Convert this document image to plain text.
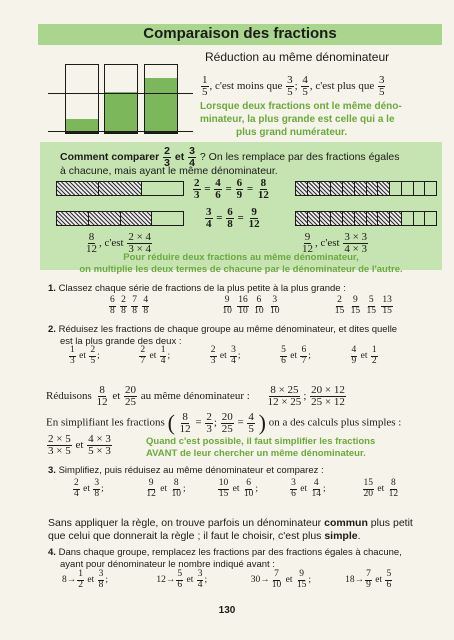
Comparaison des fractions
Réduction au même dénominateur
$\frac{1}{5}$ , c'est moins que $\frac{3}{5}$ ; $\frac{4}{5}$ , c'est plus que $\frac{3}{5}$
Lorsque deux fractions ont le même déno-
minateur, la plus grande est celle qui a le
plus grand numérateur.
Comment comparer $\frac{2}{3}$ et $\frac{3}{4}$ ? On les remplace par des fractions égales
à chacune, mais ayant le même dénominateur.
$\frac{2}{3} = \frac{4}{6} = \frac{6}{9} = \frac{8}{12}$
$\frac{3}{4} = \frac{6}{8} = \frac{9}{12}$
$\frac{8}{12}$ , $c'est \frac{2 \times 4}{3 \times 4}$	$\frac{9}{12}$ , $c'est \frac{3 \times 3}{4 \times 3}$
Pour réduire deux fractions au même dénominateur,
on multiplie les deux termes de chacune par le dénominateur de l'autre.
1. Classez chaque série de fractions de la plus petite à la plus grande :
$\frac{6}{8}$
$\frac{2}{8}$
$\frac{7}{8}$
$\frac{4}{8}$
	$\frac{9}{10}$
$\frac{16}{10}$
$\frac{6}{10}$
$\frac{3}{10}$
	$\frac{2}{15}$
$\frac{9}{15}$
$\frac{5}{15}$
$\frac{13}{15}$
2. Réduisez les fractions de chaque groupe au même dénominateur, et dites quelle
est la plus grande des deux :
$\frac{1}{3}$ et $\frac{2}{5}$ ;	$\frac{2}{7}$ et $\frac{1}{4}$ ;	$\frac{2}{3}$ et $\frac{3}{4}$ ;	$\frac{5}{6}$ et $\frac{6}{7}$ ;	$\frac{4}{9}$ et $\frac{1}{2}$
Réduisons $\frac{8}{12}$ et $\frac{20}{25}$ au même dénominateur : $\frac{8 \times 25}{12 \times 25}$ ; $\frac{20 \times 12}{25 \times 12}$
En simplifiant les fractions ( $\frac{8}{12} = \frac{2}{3}$ ; $\frac{20}{25} = \frac{4}{5}$ ) on a des calculs plus simples :
$\frac{2 \times 5}{3 \times 5}$ et $\frac{4 \times 3}{5 \times 3}$	Quand c'est possible, il faut simplifier les fractions
AVANT de leur chercher un même dénominateur.
3. Simplifiez, puis réduisez au même dénominateur et comparez :
$\frac{2}{4}$ et $\frac{3}{8}$ ;	$\frac{9}{12}$ et $\frac{8}{10}$ ;	$\frac{10}{15}$ et $\frac{6}{10}$ ;	$\frac{3}{6}$ et $\frac{4}{14}$ ;	$\frac{15}{20}$ et $\frac{8}{12}$
Sans appliquer la règle, on trouve parfois un dénominateur commun plus petit
que celui que donnerait la règle ; il faut le choisir, c'est plus simple.
4. Dans chaque groupe, remplacez les fractions par des fractions égales à chacune,
ayant pour dénominateur le nombre indiqué avant :
$8\to \frac{1}{2}$ et $\frac{3}{8}$ ;	$12\to \frac{5}{6}$ et $\frac{3}{4}$ ;	$30\to \frac{7}{10}$ et $\frac{9}{15}$ ;	$18\to \frac{7}{9}$ et $\frac{5}{6}$
130
